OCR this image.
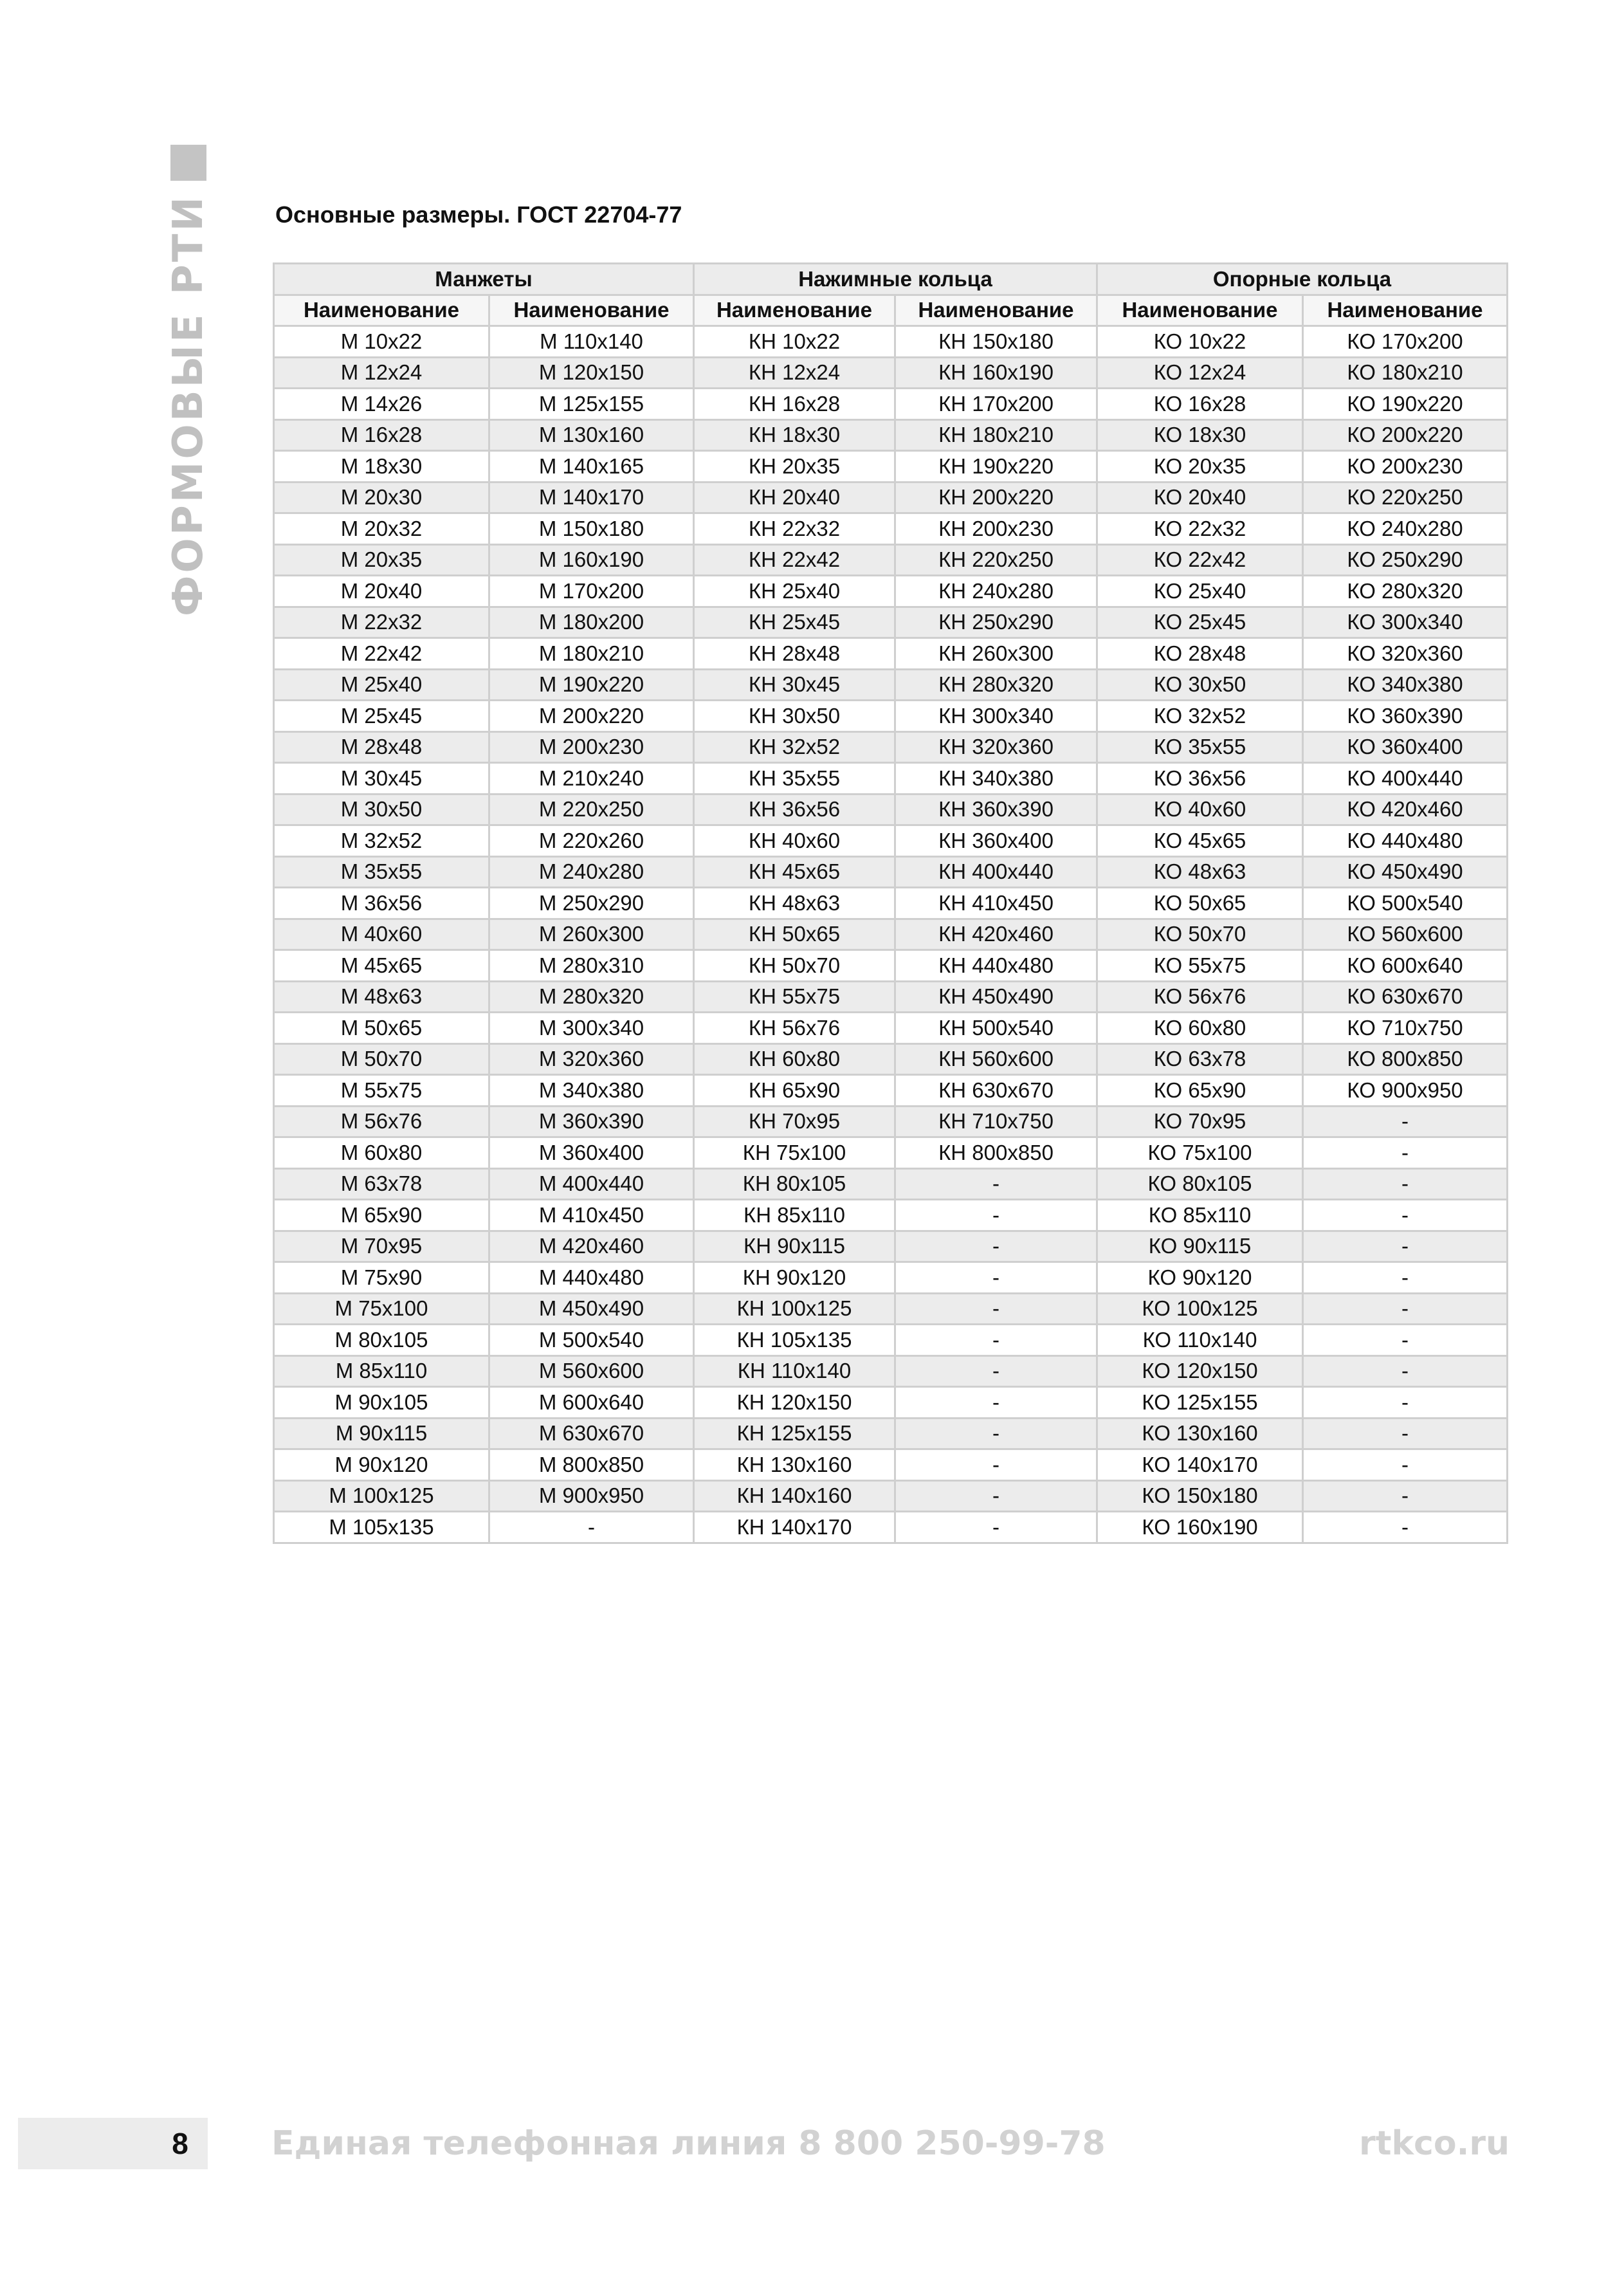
ФОРМОВЫЕ РТИ	Основные размеры. ГОСТ 22704-77
Манжеты		Нажимные кольца		Опорные кольца	
Наименование	Наименование	Наименование	Наименование	Наименование	Наименование
М 10х22	М 110х140	КН 10х22	КН 150х180	КО 10х22	КО 170х200
М 12х24	М 120х150	КН 12х24	КН 160х190	КО 12х24	КО 180х210
М 14х26	М 125х155	КН 16х28	КН 170х200	КО 16х28	КО 190х220
М 16х28	М 130х160	КН 18х30	КН 180х210	КО 18х30	КО 200х220
М 18х30	М 140х165	КН 20х35	КН 190х220	КО 20х35	КО 200х230
М 20х30	М 140х170	КН 20х40	КН 200х220	КО 20х40	КО 220х250
М 20х32	М 150х180	КН 22х32	КН 200х230	КО 22х32	КО 240х280
М 20х35	М 160х190	КН 22х42	КН 220х250	КО 22х42	КО 250х290
М 20х40	М 170х200	КН 25х40	КН 240х280	КО 25х40	КО 280х320
М 22х32	М 180х200	КН 25х45	КН 250х290	КО 25х45	КО 300х340
М 22х42	М 180х210	КН 28х48	КН 260х300	КО 28х48	КО 320х360
М 25х40	М 190х220	КН 30х45	КН 280х320	КО 30х50	КО 340х380
М 25х45	М 200х220	КН 30х50	КН 300х340	КО 32х52	КО 360х390
М 28х48	М 200х230	КН 32х52	КН 320х360	КО 35х55	КО 360х400
М 30х45	М 210х240	КН 35х55	КН 340х380	КО 36х56	КО 400х440
М 30х50	М 220х250	КН 36х56	КН 360х390	КО 40х60	КО 420х460
М 32х52	М 220х260	КН 40х60	КН 360х400	КО 45х65	КО 440х480
М 35х55	М 240х280	КН 45х65	КН 400х440	КО 48х63	КО 450х490
М 36х56	М 250х290	КН 48х63	КН 410х450	КО 50х65	КО 500х540
М 40х60	М 260х300	КН 50х65	КН 420х460	КО 50х70	КО 560х600
М 45х65	М 280х310	КН 50х70	КН 440х480	КО 55х75	КО 600х640
М 48х63	М 280х320	КН 55х75	КН 450х490	КО 56х76	КО 630х670
М 50х65	М 300х340	КН 56х76	КН 500х540	КО 60х80	КО 710х750
М 50х70	М 320х360	КН 60х80	КН 560х600	КО 63х78	КО 800х850
М 55х75	М 340х380	КН 65х90	КН 630х670	КО 65х90	КО 900х950
М 56х76	М 360х390	КН 70х95	КН 710х750	КО 70х95	-
М 60х80	М 360х400	КН 75х100	КН 800х850	КО 75х100	-
М 63х78	М 400х440	КН 80х105	-	КО 80х105	-
М 65х90	М 410х450	КН 85х110	-	КО 85х110	-
М 70х95	М 420х460	КН 90х115	-	КО 90х115	-
М 75х90	М 440х480	КН 90х120	-	КО 90х120	-
М 75х100	М 450х490	КН 100х125	-	КО 100х125	-
М 80х105	М 500х540	КН 105х135	-	КО 110х140	-
М 85х110	М 560х600	КН 110х140	-	КО 120х150	-
М 90х105	М 600х640	КН 120х150	-	КО 125х155	-
М 90х115	М 630х670	КН 125х155	-	КО 130х160	-
М 90х120	М 800х850	КН 130х160	-	КО 140х170	-
М 100х125	М 900х950	КН 140х160	-	КО 150х180	-
М 105х135	-	КН 140х170	-	КО 160х190	-
8	Единая телефонная линия 8 800 250-99-78	rtkco.ru
